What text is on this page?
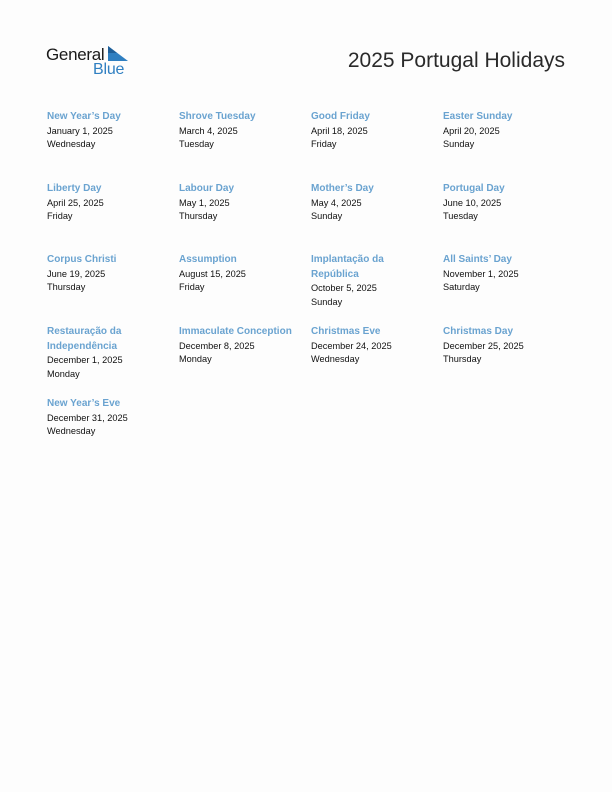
General
Blue	2025 Portugal Holidays
New Year’s Day
January 1, 2025
Wednesday
Shrove Tuesday
March 4, 2025
Tuesday
Good Friday
April 18, 2025
Friday
Easter Sunday
April 20, 2025
Sunday
Liberty Day
April 25, 2025
Friday
Labour Day
May 1, 2025
Thursday
Mother’s Day
May 4, 2025
Sunday
Portugal Day
June 10, 2025
Tuesday
Corpus Christi
June 19, 2025
Thursday
Assumption
August 15, 2025
Friday
Implantação da República
October 5, 2025
Sunday
All Saints’ Day
November 1, 2025
Saturday
Restauração da Independência
December 1, 2025
Monday
Immaculate Conception
December 8, 2025
Monday
Christmas Eve
December 24, 2025
Wednesday
Christmas Day
December 25, 2025
Thursday
New Year’s Eve
December 31, 2025
Wednesday
